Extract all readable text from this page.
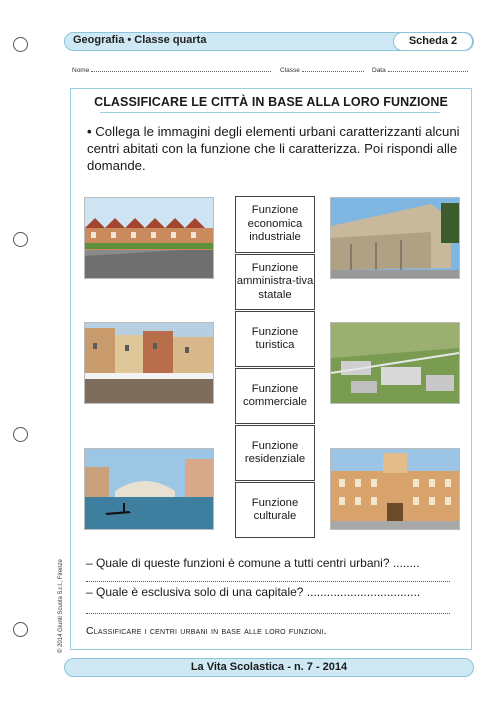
Geografia • Classe quarta	Scheda 2
Nome	Classe	Data
CLASSIFICARE LE CITTÀ IN BASE ALLA LORO FUNZIONE
• Collega le immagini degli elementi urbani caratterizzanti alcuni centri abitati con la funzione che li caratterizza. Poi rispondi alle domande.
Funzione economica industriale
Funzione amministra-tiva statale
Funzione turistica
Funzione commerciale
Funzione residenziale
Funzione culturale
– Quale di queste funzioni è comune a tutti centri urbani? ........
– Quale è esclusiva solo di una capitale? ..................................
Classificare i centri urbani in base alle loro funzioni.
La Vita Scolastica - n. 7 - 2014
© 2014 Giunti Scuola S.r.l., Firenze
